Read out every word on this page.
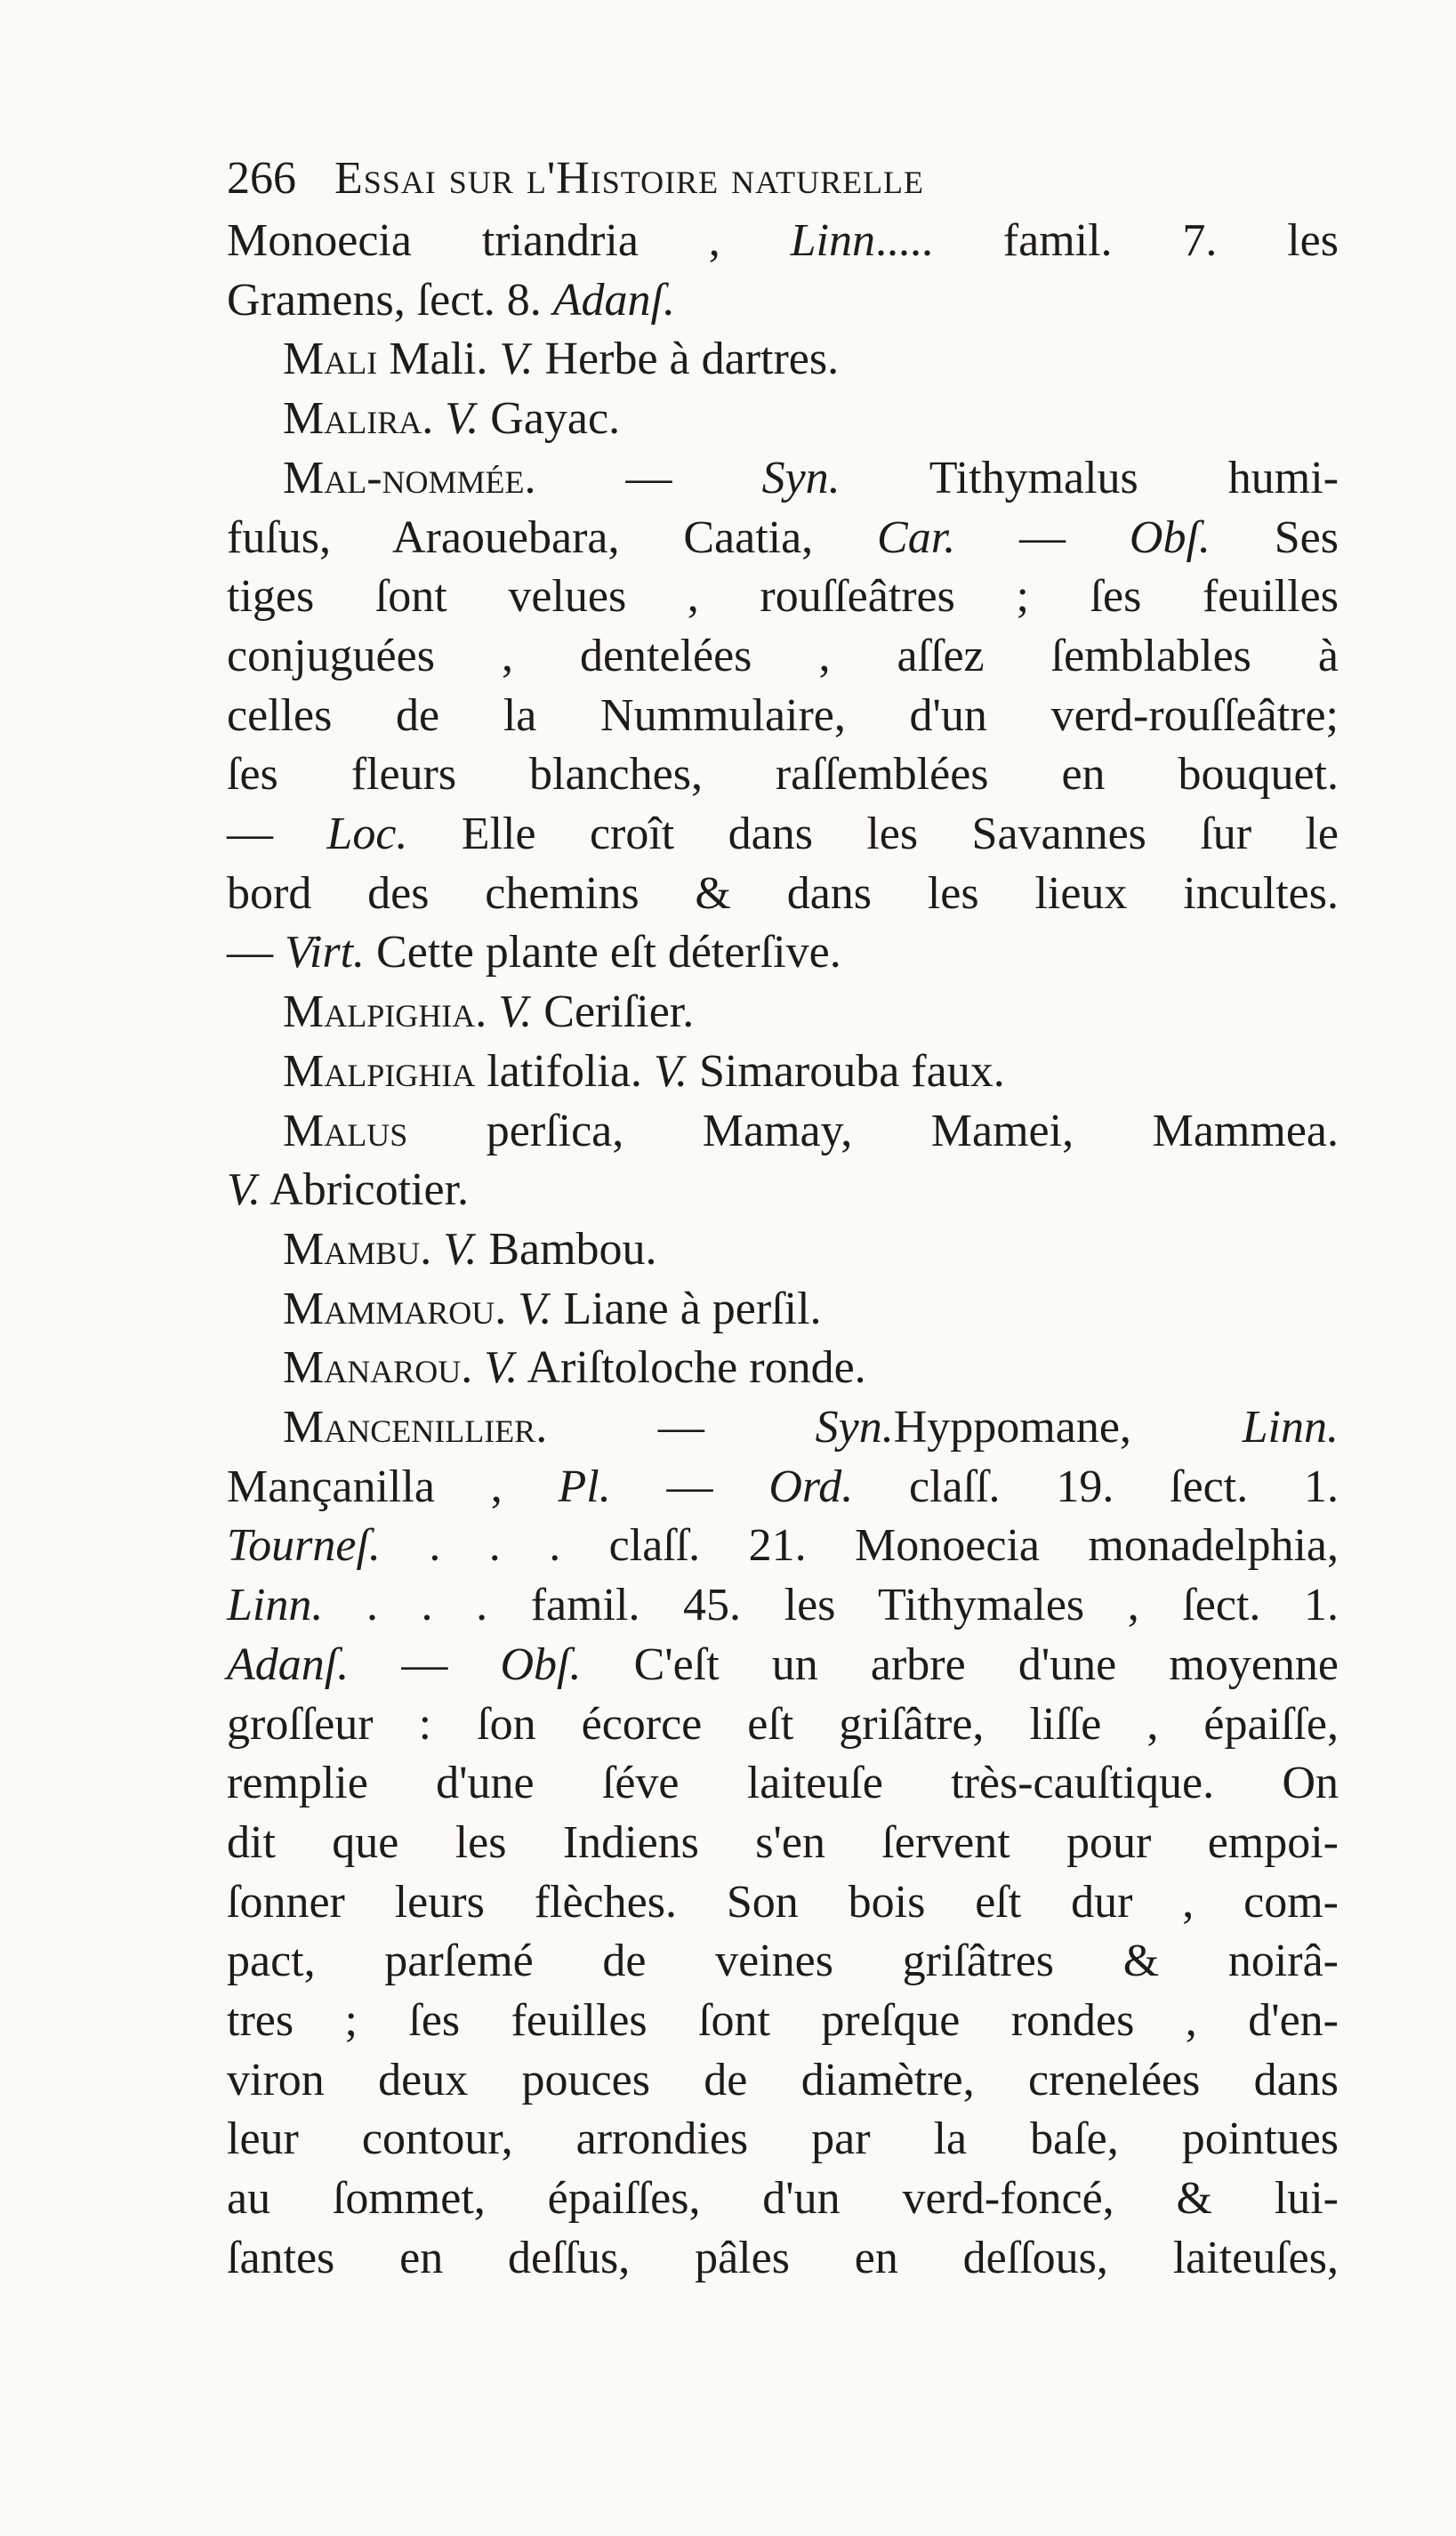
266 Essai sur l'Histoire naturelle
Monoecia triandria , Linn..... famil. 7. les
Gramens, ſect. 8. Adanſ.
Mali Mali. V. Herbe à dartres.
Malira. V. Gayac.
Mal-nommée. — Syn. Tithymalus humi-
fuſus, Araouebara, Caatia, Car. — Obſ. Ses
tiges ſont velues , rouſſeâtres ; ſes feuilles
conjuguées , dentelées , aſſez ſemblables à
celles de la Nummulaire, d'un verd-rouſſeâtre;
ſes fleurs blanches, raſſemblées en bouquet.
— Loc. Elle croît dans les Savannes ſur le
bord des chemins & dans les lieux incultes.
— Virt. Cette plante eſt déterſive.
Malpighia. V. Ceriſier.
Malpighia latifolia. V. Simarouba faux.
Malus perſica, Mamay, Mamei, Mammea.
V. Abricotier.
Mambu. V. Bambou.
Mammarou. V. Liane à perſil.
Manarou. V. Ariſtoloche ronde.
Mancenillier. — Syn.Hyppomane, Linn.
Mançanilla , Pl. — Ord. claſſ. 19. ſect. 1.
Tourneſ. . . . claſſ. 21. Monoecia monadelphia,
Linn. . . . famil. 45. les Tithymales , ſect. 1.
Adanſ. — Obſ. C'eſt un arbre d'une moyenne
groſſeur : ſon écorce eſt griſâtre, liſſe , épaiſſe,
remplie d'une ſéve laiteuſe très-cauſtique. On
dit que les Indiens s'en ſervent pour empoi-
ſonner leurs flèches. Son bois eſt dur , com-
pact, parſemé de veines griſâtres & noirâ-
tres ; ſes feuilles ſont preſque rondes , d'en-
viron deux pouces de diamètre, crenelées dans
leur contour, arrondies par la baſe, pointues
au ſommet, épaiſſes, d'un verd-foncé, & lui-
ſantes en deſſus, pâles en deſſous, laiteuſes,
